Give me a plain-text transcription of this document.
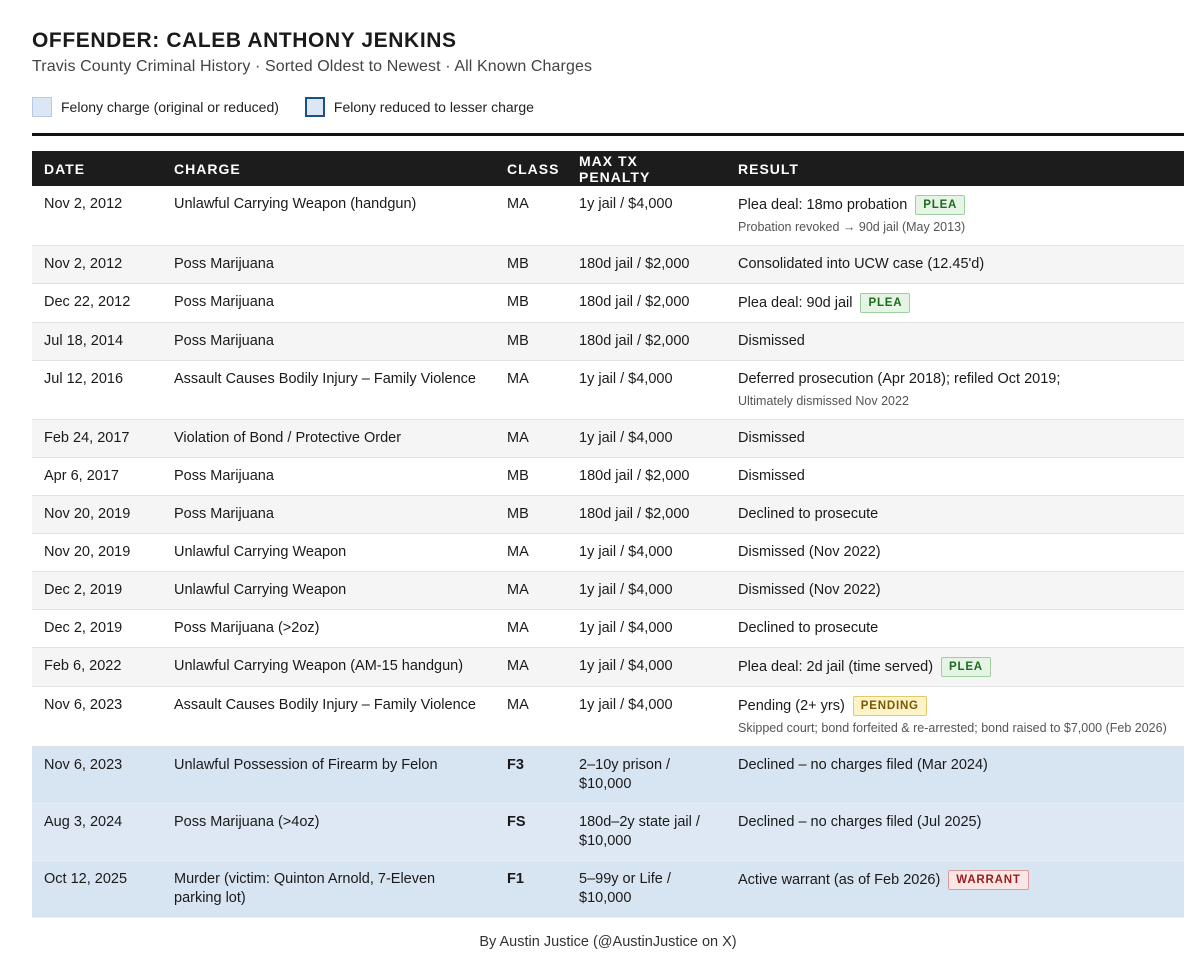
OFFENDER: CALEB ANTHONY JENKINS
Travis County Criminal History · Sorted Oldest to Newest · All Known Charges
Felony charge (original or reduced)	Felony reduced to lesser charge
DATE	CHARGE	CLASS	MAX TX PENALTY	RESULT
Nov 2, 2012	Unlawful Carrying Weapon (handgun)	MA	1y jail / $4,000	Plea deal: 18mo probation PLEA
Probation revoked → 90d jail (May 2013)

Nov 2, 2012	Poss Marijuana	MB	180d jail / $2,000	Consolidated into UCW case (12.45'd)
Dec 22, 2012	Poss Marijuana	MB	180d jail / $2,000	Plea deal: 90d jail PLEA
Jul 18, 2014	Poss Marijuana	MB	180d jail / $2,000	Dismissed
Jul 12, 2016	Assault Causes Bodily Injury – Family Violence	MA	1y jail / $4,000	Deferred prosecution (Apr 2018); refiled Oct 2019;
Ultimately dismissed Nov 2022

Feb 24, 2017	Violation of Bond / Protective Order	MA	1y jail / $4,000	Dismissed
Apr 6, 2017	Poss Marijuana	MB	180d jail / $2,000	Dismissed
Nov 20, 2019	Poss Marijuana	MB	180d jail / $2,000	Declined to prosecute
Nov 20, 2019	Unlawful Carrying Weapon	MA	1y jail / $4,000	Dismissed (Nov 2022)
Dec 2, 2019	Unlawful Carrying Weapon	MA	1y jail / $4,000	Dismissed (Nov 2022)
Dec 2, 2019	Poss Marijuana (>2oz)	MA	1y jail / $4,000	Declined to prosecute
Feb 6, 2022	Unlawful Carrying Weapon (AM-15 handgun)	MA	1y jail / $4,000	Plea deal: 2d jail (time served) PLEA
Nov 6, 2023	Assault Causes Bodily Injury – Family Violence	MA	1y jail / $4,000	Pending (2+ yrs) PENDING
Skipped court; bond forfeited & re-arrested; bond raised to $7,000 (Feb 2026)

Nov 6, 2023	Unlawful Possession of Firearm by Felon	F3	2–10y prison / $10,000	Declined – no charges filed (Mar 2024)
Aug 3, 2024	Poss Marijuana (>4oz)	FS	180d–2y state jail / $10,000	Declined – no charges filed (Jul 2025)
Oct 12, 2025	Murder (victim: Quinton Arnold, 7-Eleven parking lot)	F1	5–99y or Life / $10,000	Active warrant (as of Feb 2026) WARRANT
By Austin Justice (@AustinJustice on X)
